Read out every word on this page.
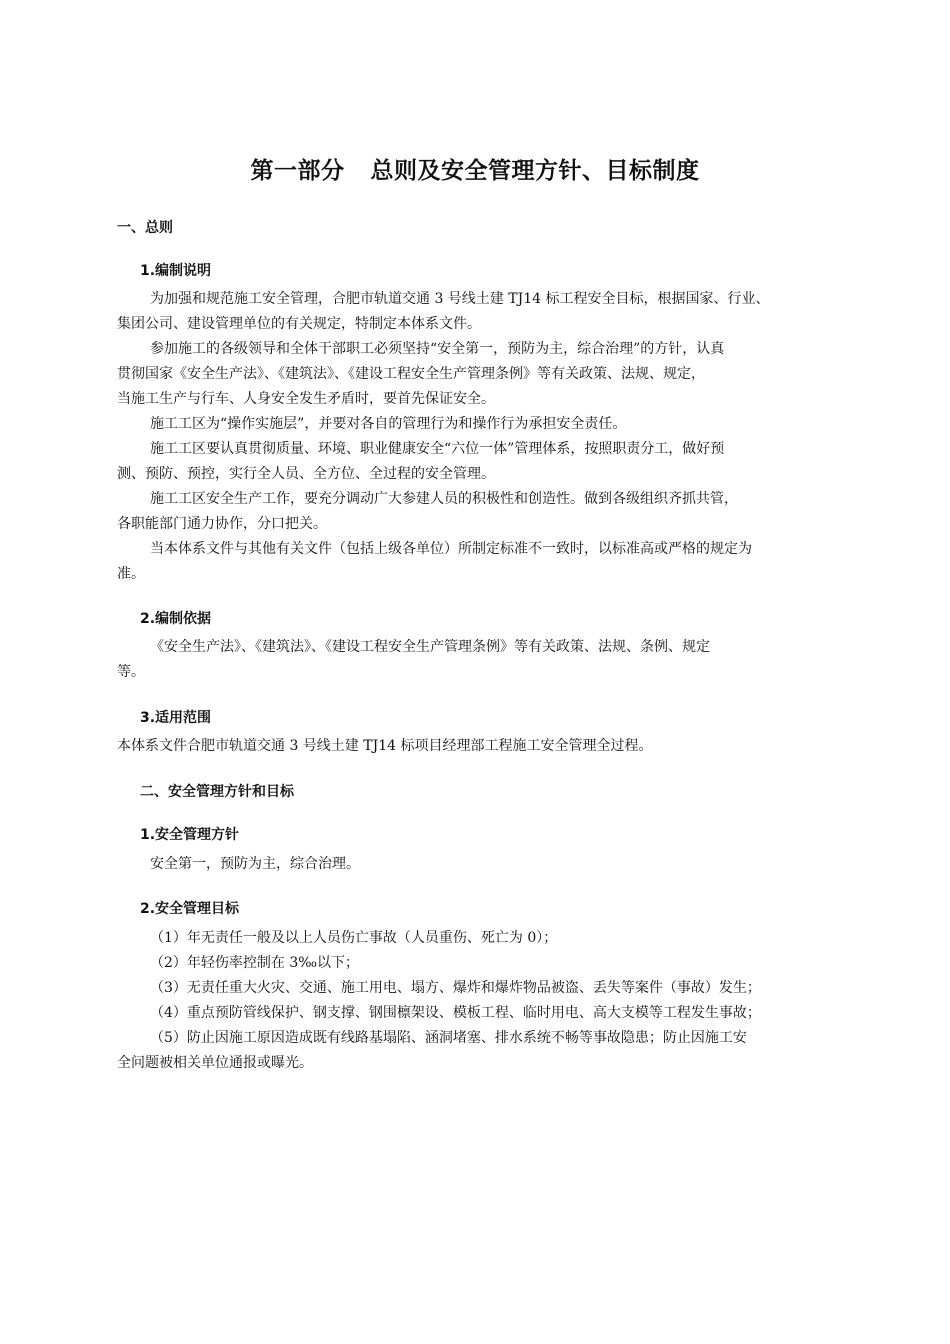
第一部分 总则及安全管理方针、目标制度
一、总则
1.编制说明
为加强和规范施工安全管理，合肥市轨道交通 3 号线土建 TJ14 标工程安全目标，根据国家、行业、
集团公司、建设管理单位的有关规定，特制定本体系文件。
参加施工的各级领导和全体干部职工必须坚持“安全第一，预防为主，综合治理”的方针，认真
贯彻国家《安全生产法》、《建筑法》、《建设工程安全生产管理条例》等有关政策、法规、规定，
当施工生产与行车、人身安全发生矛盾时，要首先保证安全。
施工工区为“操作实施层”，并要对各自的管理行为和操作行为承担安全责任。
施工工区要认真贯彻质量、环境、职业健康安全“六位一体”管理体系，按照职责分工，做好预
测、预防、预控，实行全人员、全方位、全过程的安全管理。
施工工区安全生产工作，要充分调动广大参建人员的积极性和创造性。做到各级组织齐抓共管，
各职能部门通力协作，分口把关。
当本体系文件与其他有关文件（包括上级各单位）所制定标准不一致时，以标准高或严格的规定为
准。
2.编制依据
《安全生产法》、《建筑法》、《建设工程安全生产管理条例》等有关政策、法规、条例、规定
等。
3.适用范围
本体系文件合肥市轨道交通 3 号线土建 TJ14 标项目经理部工程施工安全管理全过程。
二、安全管理方针和目标
1.安全管理方针
安全第一，预防为主，综合治理。
2.安全管理目标
（1）年无责任一般及以上人员伤亡事故（人员重伤、死亡为 0）；
（2）年轻伤率控制在 3‰以下；
（3）无责任重大火灾、交通、施工用电、塌方、爆炸和爆炸物品被盗、丢失等案件（事故）发生；
（4）重点预防管线保护、钢支撑、钢围檩架设、模板工程、临时用电、高大支模等工程发生事故；
（5）防止因施工原因造成既有线路基塌陷、涵洞堵塞、排水系统不畅等事故隐患；防止因施工安
全问题被相关单位通报或曝光。
